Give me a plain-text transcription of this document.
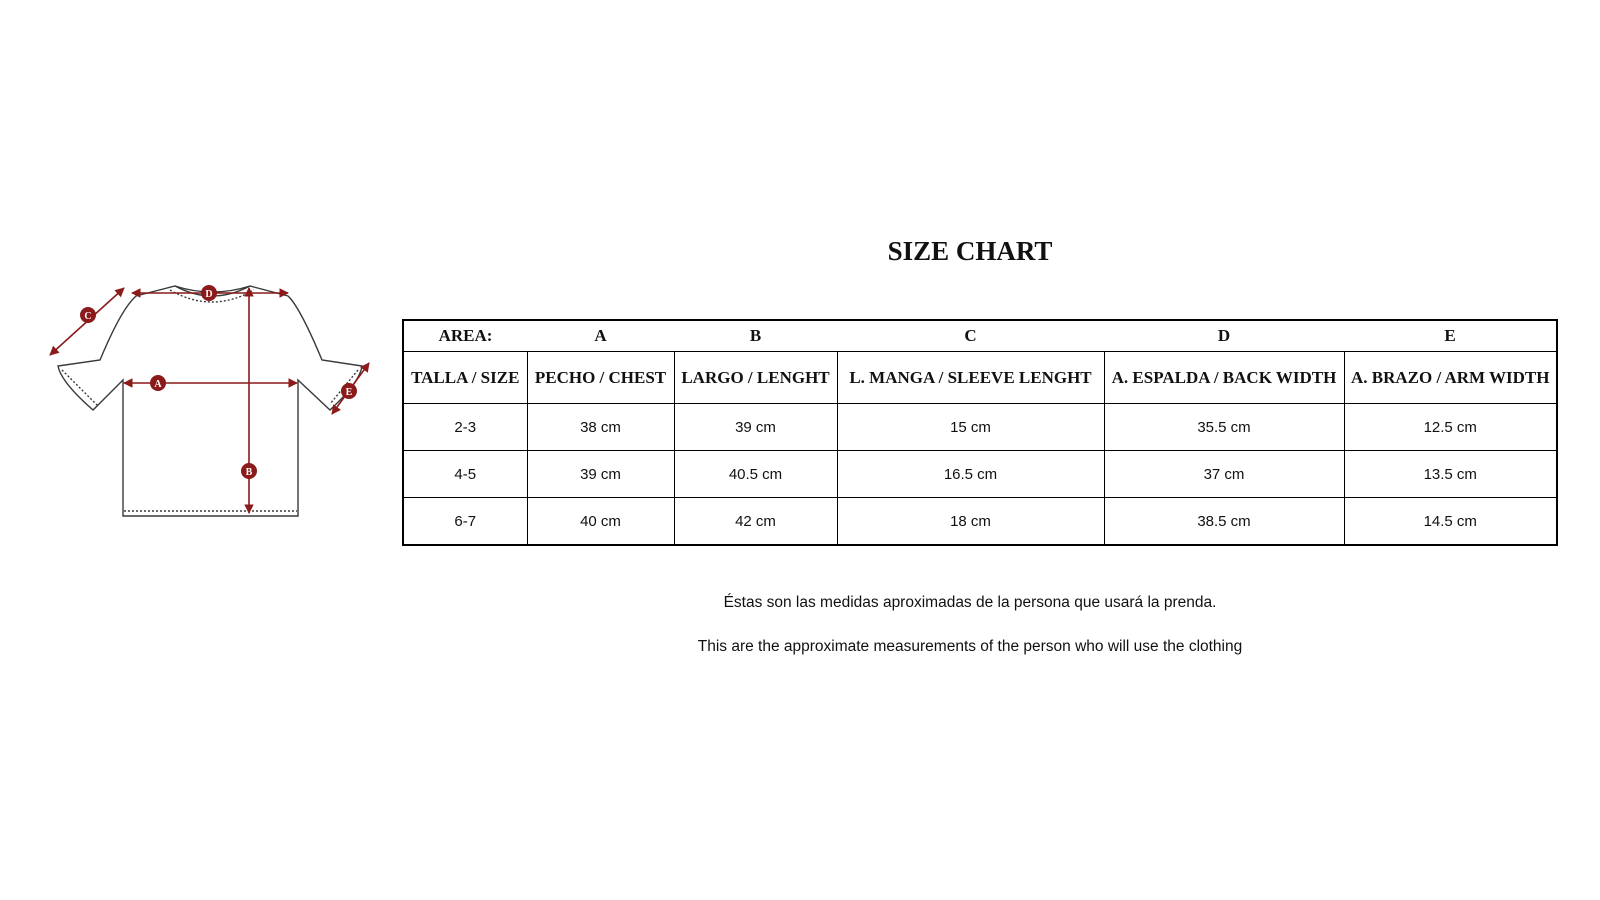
A
B
C
D
E
SIZE CHART
AREA:	A	B	C	D	E
TALLA / SIZE	PECHO / CHEST	LARGO / LENGHT	L. MANGA / SLEEVE LENGHT	A. ESPALDA / BACK WIDTH	A. BRAZO / ARM WIDTH
2-3	38 cm	39 cm	15 cm	35.5 cm	12.5 cm
4-5	39 cm	40.5 cm	16.5 cm	37 cm	13.5 cm
6-7	40 cm	42 cm	18 cm	38.5 cm	14.5 cm
Éstas son las medidas aproximadas de la persona que usará la prenda.
This are the approximate measurements of the person who will use the clothing
